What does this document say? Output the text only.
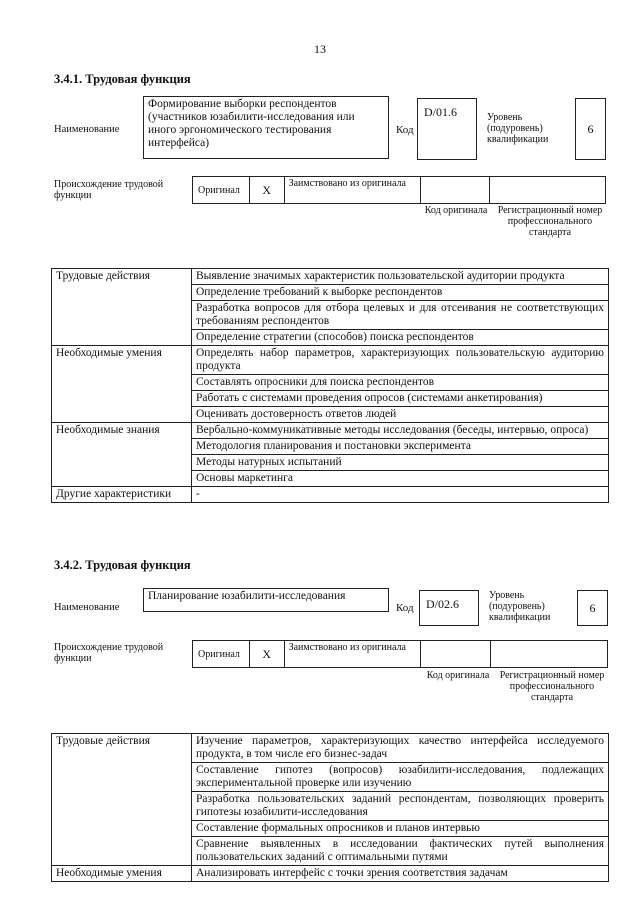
13
3.4.1. Трудовая функция
Наименование
Формирование выборки респондентов (участников юзабилити-исследования или иного эргономического тестирования интерфейса)
Код
D/01.6	Уровень (подуровень) квалификации
6
Происхождение трудовой функции	Оригинал	X	Заимствовано из оригинала
Код оригинала Регистрационный номер профессионального стандарта
Трудовые действия	Выявление значимых характеристик пользовательской аудитории продукта
	Определение требований к выборке респондентов
	Разработка вопросов для отбора целевых и для отсеивания не соответствующих требованиям респондентов
	Определение стратегии (способов) поиска респондентов
Необходимые умения	Определять набор параметров, характеризующих пользовательскую аудиторию продукта
	Составлять опросники для поиска респондентов
	Работать с системами проведения опросов (системами анкетирования)
	Оценивать достоверность ответов людей
Необходимые знания	Вербально-коммуникативные методы исследования (беседы, интервью, опроса)
	Методология планирования и постановки эксперимента
	Методы натурных испытаний
	Основы маркетинга
Другие характеристики	-
3.4.2. Трудовая функция
Наименование
Планирование юзабилити-исследования
Код	D/02.6
Уровень (подуровень) квалификации
6
Происхождение трудовой функции	Оригинал	X	Заимствовано из оригинала
Код оригинала Регистрационный номер профессионального стандарта
Трудовые действия	Изучение параметров, характеризующих качество интерфейса исследуемого продукта, в том числе его бизнес-задач
	Составление гипотез (вопросов) юзабилити-исследования, подлежащих экспериментальной проверке или изучению
	Разработка пользовательских заданий респондентам, позволяющих проверить гипотезы юзабилити-исследования
	Составление формальных опросников и планов интервью
	Сравнение выявленных в исследовании фактических путей выполнения пользовательских заданий с оптимальными путями
Необходимые умения	Анализировать интерфейс с точки зрения соответствия задачам
